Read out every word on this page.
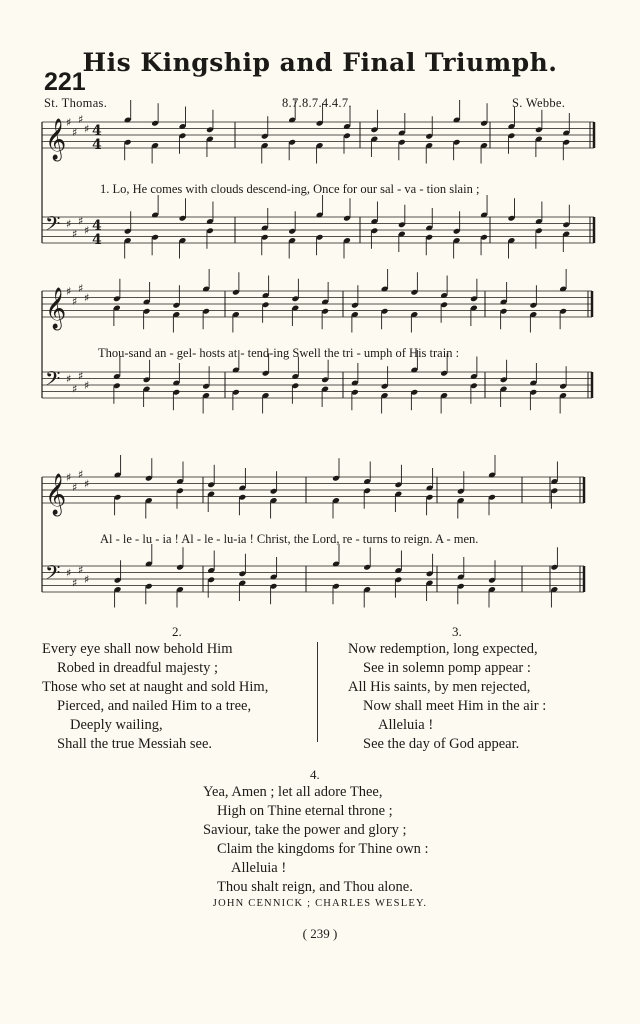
His Kingship and Final Triumph.
221
St. Thomas.	8.7.8.7.4.4.7.	S. Webbe.
𝄞 ♯
♯
♯
♯ 4
4
𝄢 ♯
♯
♯
♯ 4
4
𝄞 ♯
♯
♯
♯
𝄢 ♯
♯
♯
♯
𝄞 ♯
♯
♯
♯
𝄢 ♯
♯
♯
♯
1. Lo, He comes with clouds descend-ing, Once for our sal - va - tion slain ;
Thou-sand an - gel- hosts at - tend-ing Swell the tri - umph of His train :
Al - le - lu - ia ! Al - le - lu-ia ! Christ, the Lord, re - turns to reign. A - men.
2.
Every eye shall now behold Him
Robed in dreadful majesty ;
Those who set at naught and sold Him,
Pierced, and nailed Him to a tree,
Deeply wailing,
Shall the true Messiah see.
3.
Now redemption, long expected,
See in solemn pomp appear :
All His saints, by men rejected,
Now shall meet Him in the air :
Alleluia !
See the day of God appear.
4.
Yea, Amen ; let all adore Thee,
High on Thine eternal throne ;
Saviour, take the power and glory ;
Claim the kingdoms for Thine own :
Alleluia !
Thou shalt reign, and Thou alone.
JOHN CENNICK ; CHARLES WESLEY.
( 239 )
